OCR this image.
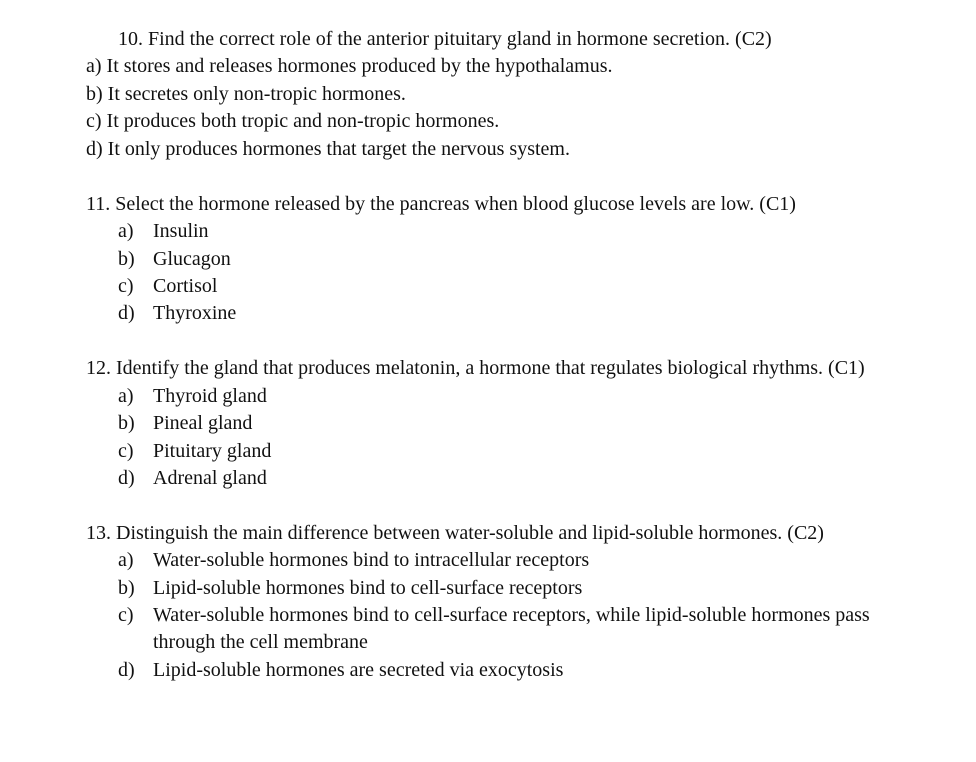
10. Find the correct role of the anterior pituitary gland in hormone secretion. (C2)
a) It stores and releases hormones produced by the hypothalamus.
b) It secretes only non-tropic hormones.
c) It produces both tropic and non-tropic hormones.
d) It only produces hormones that target the nervous system.
11. Select the hormone released by the pancreas when blood glucose levels are low. (C1)
a) Insulin
b) Glucagon
c) Cortisol
d) Thyroxine
12. Identify the gland that produces melatonin, a hormone that regulates biological rhythms. (C1)
a) Thyroid gland
b) Pineal gland
c) Pituitary gland
d) Adrenal gland
13. Distinguish the main difference between water-soluble and lipid-soluble hormones. (C2)
a) Water-soluble hormones bind to intracellular receptors
b) Lipid-soluble hormones bind to cell-surface receptors
c) Water-soluble hormones bind to cell-surface receptors, while lipid-soluble hormones pass
through the cell membrane
d) Lipid-soluble hormones are secreted via exocytosis
